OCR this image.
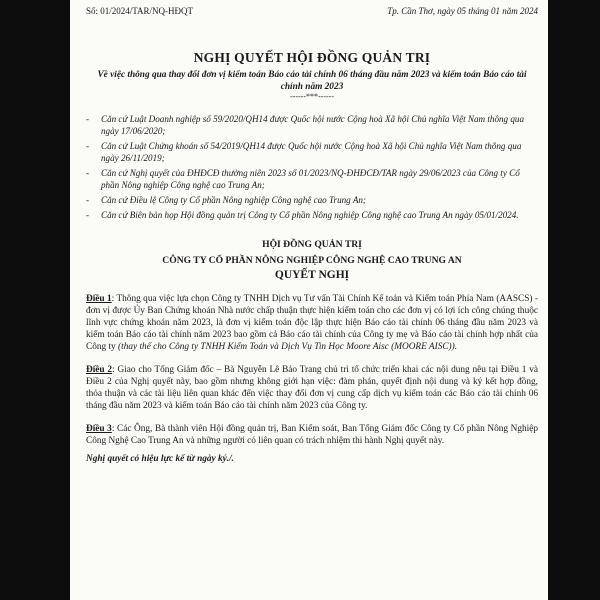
Số: 01/2024/TAR/NQ-HĐQT	Tp. Cần Thơ, ngày 05 tháng 01 năm 2024
NGHỊ QUYẾT HỘI ĐỒNG QUẢN TRỊ
Về việc thông qua thay đổi đơn vị kiểm toán Báo cáo tài chính 06 tháng đầu năm 2023 và kiểm toán Báo cáo tài chính năm 2023
------***------
-	Căn cứ Luật Doanh nghiệp số 59/2020/QH14 được Quốc hội nước Cộng hoà Xã hội Chủ nghĩa Việt Nam thông qua ngày 17/06/2020;
-	Căn cứ Luật Chứng khoán số 54/2019/QH14 được Quốc hội nước Cộng hoà Xã hội Chủ nghĩa Việt Nam thông qua ngày 26/11/2019;
-	Căn cứ Nghị quyết của ĐHĐCĐ thường niên 2023 số 01/2023/NQ-ĐHĐCĐ/TAR ngày 29/06/2023 của Công ty Cổ phần Nông nghiệp Công nghệ cao Trung An;
-	Căn cứ Điều lệ Công ty Cổ phần Nông nghiệp Công nghệ cao Trung An;
-	Căn cứ Biên bản họp Hội đồng quản trị Công ty Cổ phần Nông nghiệp Công nghệ cao Trung An ngày 05/01/2024.
HỘI ĐỒNG QUẢN TRỊ
CÔNG TY CỔ PHẦN NÔNG NGHIỆP CÔNG NGHỆ CAO TRUNG AN
QUYẾT NGHỊ
Điều 1: Thông qua việc lựa chọn Công ty TNHH Dịch vụ Tư vấn Tài Chính Kế toán và Kiểm toán Phía Nam (AASCS) - đơn vị được Ủy Ban Chứng khoán Nhà nước chấp thuận thực hiện kiểm toán cho các đơn vị có lợi ích công chúng thuộc lĩnh vực chứng khoán năm 2023, là đơn vị kiểm toán độc lập thực hiện Báo cáo tài chính 06 tháng đầu năm 2023 và kiểm toán Báo cáo tài chính năm 2023 bao gồm cả Báo cáo tài chính của Công ty mẹ và Báo cáo tài chính hợp nhất của Công ty (thay thế cho Công ty TNHH Kiểm Toán và Dịch Vụ Tin Học Moore Aisc (MOORE AISC)).
Điều 2: Giao cho Tổng Giám đốc – Bà Nguyễn Lê Bảo Trang chủ trì tổ chức triển khai các nội dung nêu tại Điều 1 và Điều 2 của Nghị quyết này, bao gồm nhưng không giới hạn việc: đàm phán, quyết định nội dung và ký kết hợp đồng, thỏa thuận và các tài liệu liên quan khác đến việc thay đổi đơn vị cung cấp dịch vụ kiểm toán các Báo cáo tài chính 06 tháng đầu năm 2023 và kiểm toán Báo cáo tài chính năm 2023 của Công ty.
Điều 3: Các Ông, Bà thành viên Hội đồng quản trị, Ban Kiểm soát, Ban Tổng Giám đốc Công ty Cổ phần Nông Nghiệp Công Nghệ Cao Trung An và những người có liên quan có trách nhiệm thi hành Nghị quyết này.
Nghị quyết có hiệu lực kể từ ngày ký./.
